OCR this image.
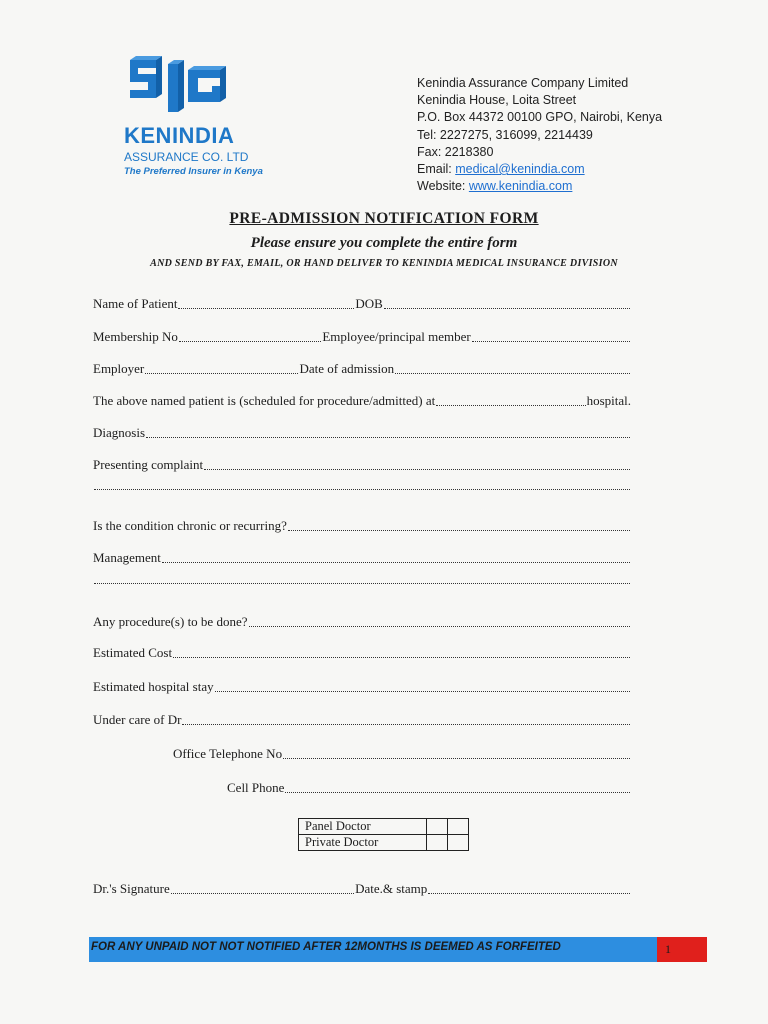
KENINDIA
ASSURANCE CO. LTD
The Preferred Insurer in Kenya
Kenindia Assurance Company Limited
Kenindia House, Loita Street
P.O. Box 44372 00100 GPO, Nairobi, Kenya
Tel: 2227275, 316099, 2214439
Fax: 2218380
Email: medical@kenindia.com
Website: www.kenindia.com
PRE-ADMISSION NOTIFICATION FORM
Please ensure you complete the entire form
AND SEND BY FAX, EMAIL, OR HAND DELIVER TO KENINDIA MEDICAL INSURANCE DIVISION
Name of Patient	DOB
Membership No	Employee/principal member
Employer	Date of admission
The above named patient is (scheduled for procedure/admitted) at	hospital.
Diagnosis
Presenting complaint
Is the condition chronic or recurring?
Management
Any procedure(s) to be done?
Estimated Cost
Estimated hospital stay
Under care of Dr
Office Telephone No
Cell Phone
Panel Doctor		
Private Doctor		
Dr.'s Signature	Date.& stamp
FOR ANY UNPAID NOT NOT NOTIFIED AFTER 12MONTHS IS DEEMED AS FORFEITED	1
